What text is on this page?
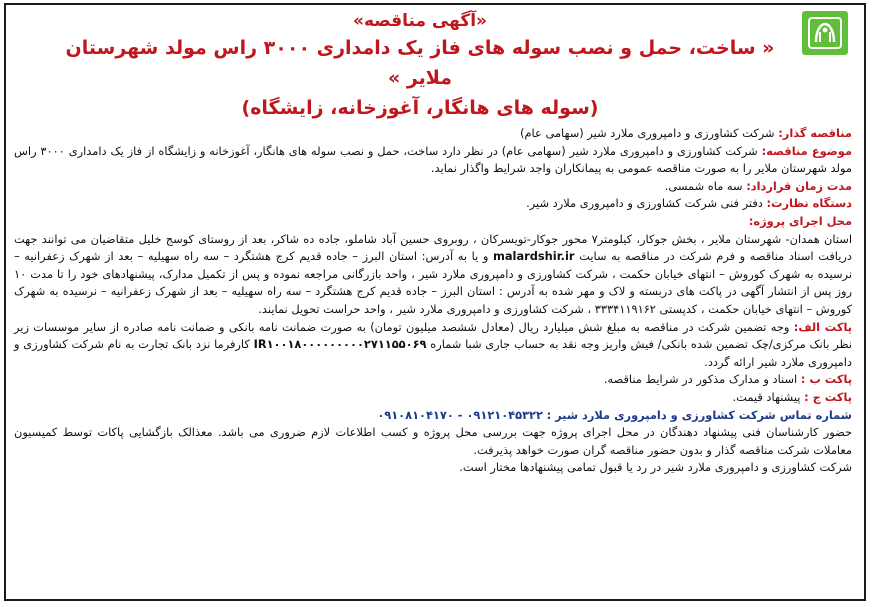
«آگهی مناقصه»
« ساخت، حمل و نصب سوله های فاز یک دامداری ۳۰۰۰ راس مولد شهرستان ملایر »
(سوله های هانگار، آغوزخانه، زایشگاه)

مناقصه گذار: شرکت کشاورزی و دامپروری ملارد شیر (سهامی عام)

موضوع مناقصه: شرکت کشاورزی و دامپروری ملارد شیر (سهامی عام) در نظر دارد ساخت، حمل و نصب سوله های هانگار، آغوزخانه و زایشگاه از فاز یک دامداری ۳۰۰۰ راس مولد شهرستان ملایر را به صورت مناقصه عمومی به پیمانکاران واجد شرایط واگذار نماید.

مدت زمان قرارداد: سه ماه شمسی.

دستگاه نظارت: دفتر فنی شرکت کشاورزی و دامپروری ملارد شیر.

محل اجرای پروژه:
استان همدان- شهرستان ملایر ، بخش جوکار، کیلومتر۷ محور جوکار-تویسرکان ، روبروی حسین آباد شاملو، جاده ده شاکر، بعد از روستای کوسج خلیل متقاضیان می توانند جهت دریافت اسناد مناقصه و فرم شرکت در مناقصه به سایت malardshir.ir و یا به آدرس: استان البرز – جاده قدیم کرج هشتگرد – سه راه سهیلیه – بعد از شهرک زعفرانیه – نرسیده به شهرک کوروش – انتهای خیابان حکمت ، شرکت کشاورزی و دامپروری ملارد شیر ، واحد بازرگانی مراجعه نموده و پس از تکمیل مدارک، پیشنهادهای خود را تا مدت ۱۰ روز پس از انتشار آگهی در پاکت های دربسته و لاک و مهر شده به آدرس : استان البرز – جاده قدیم کرج هشتگرد – سه راه سهیلیه – بعد از شهرک زعفرانیه – نرسیده به شهرک کوروش – انتهای خیابان حکمت ، کدپستی ۳۳۳۴۱۱۹۱۶۲ ، شرکت کشاورزی و دامپروری ملارد شیر ، واحد حراست تحویل نمایند.

پاکت الف: وجه تضمین شرکت در مناقصه به مبلغ شش میلیارد ریال (معادل ششصد میلیون تومان) به صورت ضمانت نامه بانکی و ضمانت نامه صادره از سایر موسسات زیر نظر بانک مرکزی/چک تضمین شده بانکی/ فیش واریز وجه نقد به حساب جاری شبا شماره IR۱۰۰۱۸۰۰۰۰۰۰۰۰۰۲۷۱۱۵۵۰۶۹ کارفرما نزد بانک تجارت به نام شرکت کشاورزی و دامپروری ملارد شیر ارائه گردد.

پاکت ب : اسناد و مدارک مذکور در شرایط مناقصه.

پاکت ج : پیشنهاد قیمت.

شماره تماس شرکت کشاورزی و دامپروری ملارد شیر : ۰۹۱۲۱۰۴۵۳۲۲ - ۰۹۱۰۸۱۰۴۱۷۰

حضور کارشناسان فنی پیشنهاد دهندگان در محل اجرای پروژه جهت بررسی محل پروژه و کسب اطلاعات لازم ضروری می باشد. معذالک بازگشایی پاکات توسط کمیسیون معاملات شرکت مناقصه گذار و بدون حضور مناقصه گران صورت خواهد پذیرفت.

شرکت کشاورزی و دامپروری ملارد شیر در رد یا قبول تمامی پیشنهادها مختار است.
